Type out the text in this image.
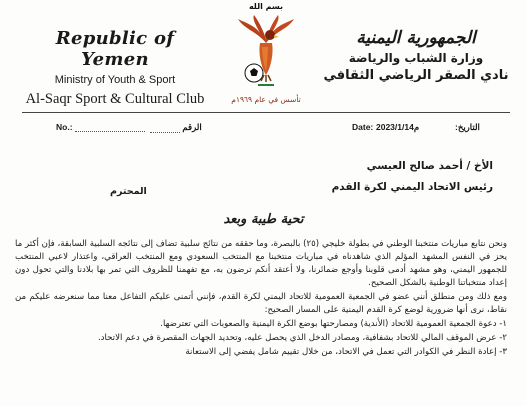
Republic of Yemen
Ministry of Youth & Sport
Al-Saqr Sport & Cultural Club
بسم الله
تأسس في عام ١٩٦٩م
الجمهورية اليمنية
وزارة الشباب والرياضة
نادي الصقر الرياضي الثقافي
No.:	الرقم	Date: 2023/1/14م	التاريخ:
الأخ / أحمد صالح العيسي
رئيس الاتحاد اليمني لكرة القدم
المحترم
تحية طيبة وبعد

ونحن نتابع مباريات منتخبنا الوطني في بطولة خليجي (٢٥) بالبصرة، وما حققه من نتائج سلبية تضاف إلى نتائجه السلبية السابقة، فإن أكثر ما يحز في النفس المشهد المؤلم الذي شاهدناه في مباريات منتخبنا مع المنتخب السعودي ومع المنتخب العراقي، واعتذار لاعبي المنتخب للجمهور اليمني، وهو مشهد أدمى قلوبنا وأوجع ضمائرنا، ولا أعتقد أنكم ترضون به، مع تفهمنا للظروف التي تمر بها بلادنا والتي تحول دون إعداد منتخباتنا الوطنية بالشكل الصحيح.

ومع ذلك ومن منطلق أنني عضو في الجمعية العمومية للاتحاد اليمني لكرة القدم، فإنني أتمنى عليكم التفاعل معنا مما سنعرضه عليكم من نقاط، نرى أنها ضرورية لوضع كرة القدم اليمنية على المسار الصحيح:

١- دعوة الجمعية العمومية للاتحاد (الأندية) ومصارحتها بوضع الكرة اليمنية والصعوبات التي تعترضها.

٢- عرض الموقف المالي للاتحاد بشفافية، ومصادر الدخل الذي يحصل عليه، وتحديد الجهات المقصرة في دعم الاتحاد.

٣- إعادة النظر في الكوادر التي تعمل في الاتحاد، من خلال تقييم شامل يفضي إلى الاستعانة
